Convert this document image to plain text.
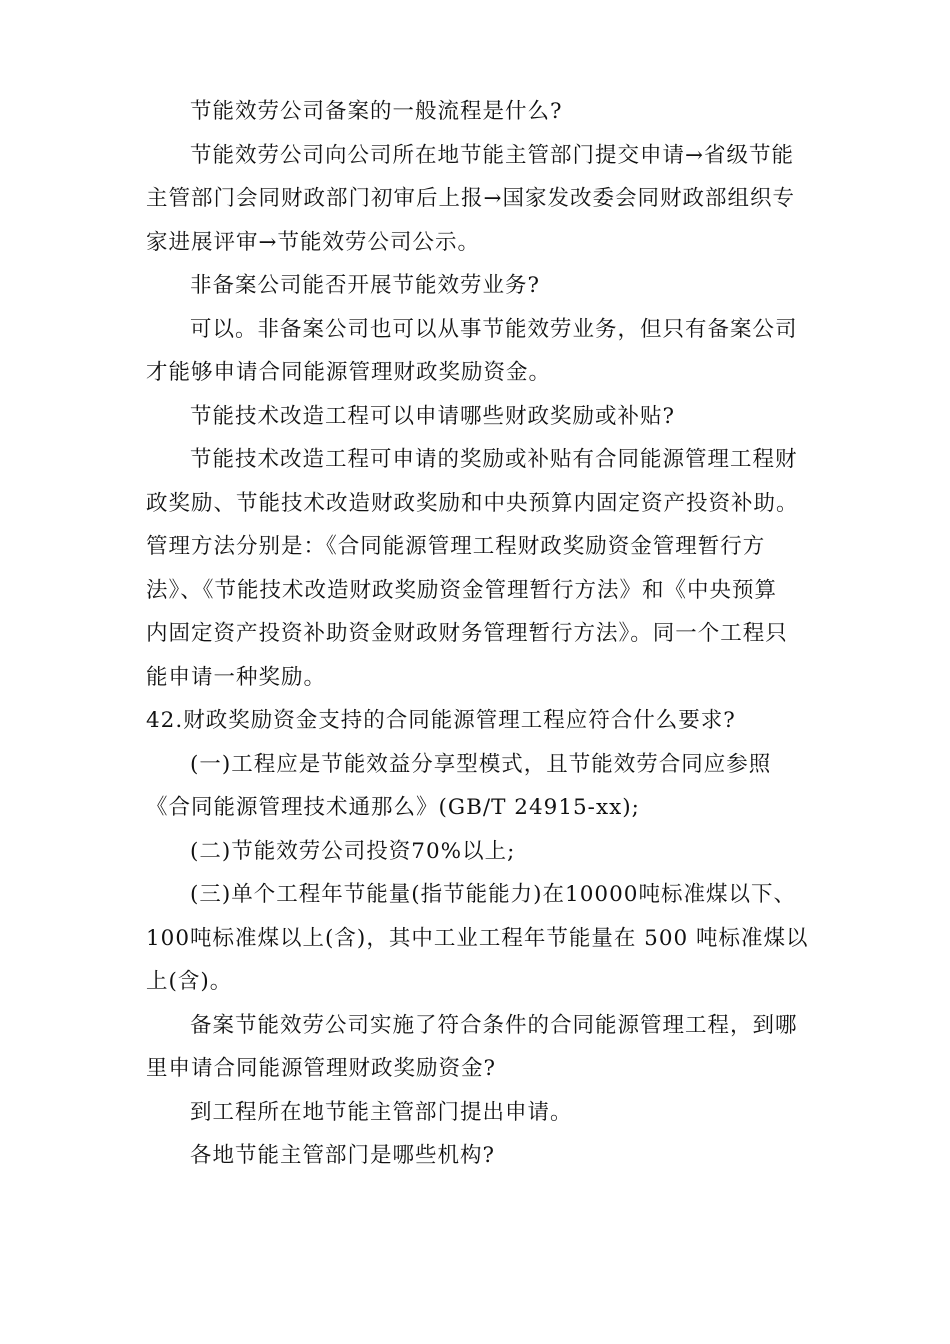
节能效劳公司备案的一般流程是什么?
节能效劳公司向公司所在地节能主管部门提交申请→省级节能
主管部门会同财政部门初审后上报→国家发改委会同财政部组织专
家进展评审→节能效劳公司公示。
非备案公司能否开展节能效劳业务?
可以。非备案公司也可以从事节能效劳业务，但只有备案公司
才能够申请合同能源管理财政奖励资金。
节能技术改造工程可以申请哪些财政奖励或补贴?
节能技术改造工程可申请的奖励或补贴有合同能源管理工程财
政奖励、节能技术改造财政奖励和中央预算内固定资产投资补助。
管理方法分别是：《合同能源管理工程财政奖励资金管理暂行方
法》、《节能技术改造财政奖励资金管理暂行方法》和《中央预算
内固定资产投资补助资金财政财务管理暂行方法》。同一个工程只
能申请一种奖励。
42.财政奖励资金支持的合同能源管理工程应符合什么要求?
(一)工程应是节能效益分享型模式，且节能效劳合同应参照
《合同能源管理技术通那么》(GB/T 24915-xx);
(二)节能效劳公司投资70%以上;
(三)单个工程年节能量(指节能能力)在10000吨标准煤以下、
100吨标准煤以上(含)，其中工业工程年节能量在 500 吨标准煤以
上(含)。
备案节能效劳公司实施了符合条件的合同能源管理工程，到哪
里申请合同能源管理财政奖励资金?
到工程所在地节能主管部门提出申请。
各地节能主管部门是哪些机构?
